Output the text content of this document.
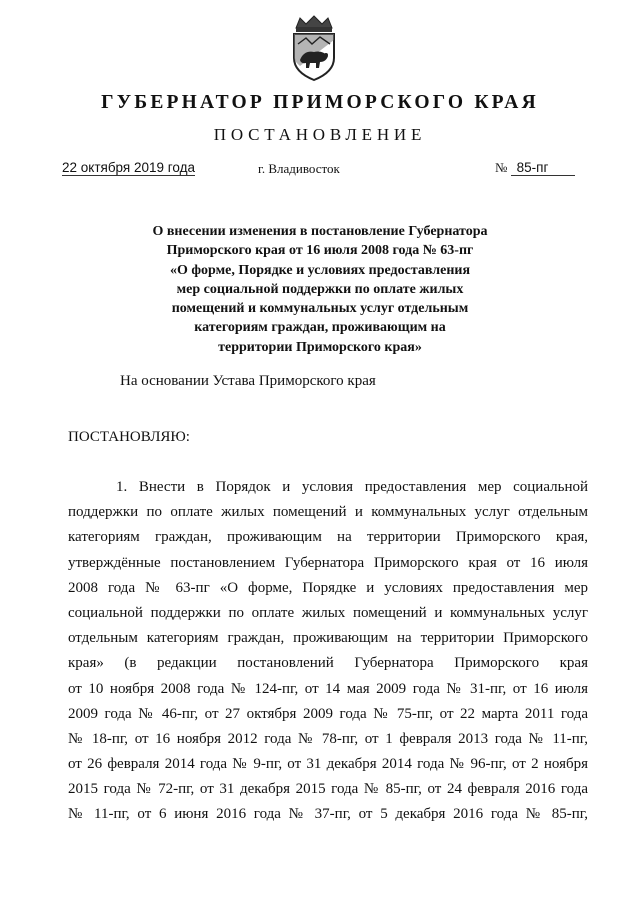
ГУБЕРНАТОР ПРИМОРСКОГО КРАЯ
ПОСТАНОВЛЕНИЕ
22 октября 2019 года	г. Владивосток	№ 85-пг
О внесении изменения в постановление Губернатора
Приморского края от 16 июля 2008 года № 63-пг
«О форме, Порядке и условиях предоставления
мер социальной поддержки по оплате жилых
помещений и коммунальных услуг отдельным
категориям граждан, проживающим на
территории Приморского края»
На основании Устава Приморского края
ПОСТАНОВЛЯЮ:
1. Внести в Порядок и условия предоставления мер социальной
поддержки по оплате жилых помещений и коммунальных услуг отдельным
категориям граждан, проживающим на территории Приморского края,
утверждённые постановлением Губернатора Приморского края от 16 июля
2008 года № 63-пг «О форме, Порядке и условиях предоставления мер
социальной поддержки по оплате жилых помещений и коммунальных услуг
отдельным категориям граждан, проживающим на территории Приморского
края» (в редакции постановлений Губернатора Приморского края
от 10 ноября 2008 года № 124-пг, от 14 мая 2009 года № 31-пг, от 16 июля
2009 года № 46-пг, от 27 октября 2009 года № 75-пг, от 22 марта 2011 года
№ 18-пг, от 16 ноября 2012 года № 78-пг, от 1 февраля 2013 года № 11-пг,
от 26 февраля 2014 года № 9-пг, от 31 декабря 2014 года № 96-пг, от 2 ноября
2015 года № 72-пг, от 31 декабря 2015 года № 85-пг, от 24 февраля 2016 года
№ 11-пг, от 6 июня 2016 года № 37-пг, от 5 декабря 2016 года № 85-пг,
